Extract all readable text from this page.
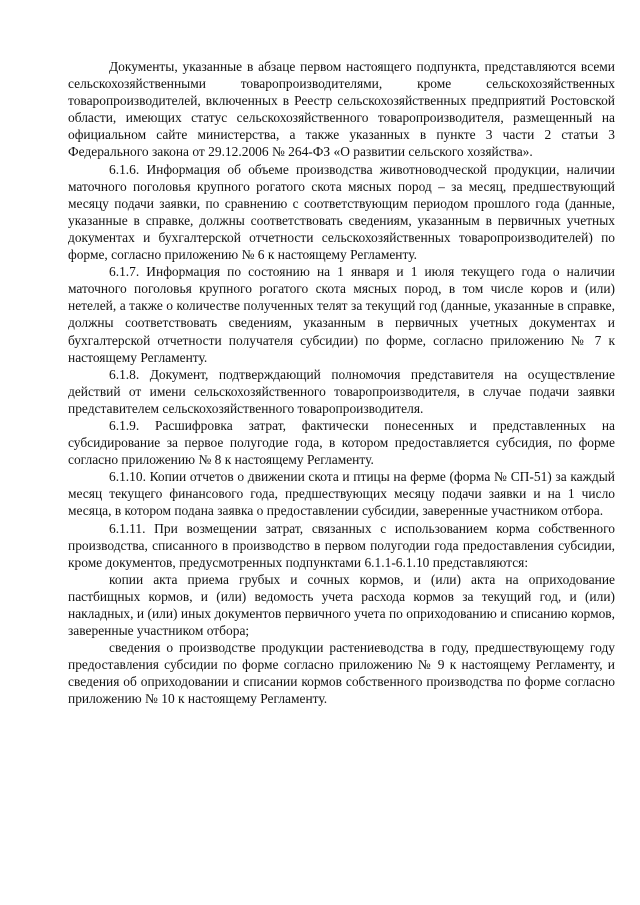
Документы, указанные в абзаце первом настоящего подпункта, представляются всеми сельскохозяйственными товаропроизводителями, кроме сельскохозяйственных товаропроизводителей, включенных в Реестр сельскохозяйственных предприятий Ростовской области, имеющих статус сельскохозяйственного товаропроизводителя, размещенный на официальном сайте министерства, а также указанных в пункте 3 части 2 статьи 3 Федерального закона от 29.12.2006 № 264-ФЗ «О развитии сельского хозяйства».

6.1.6. Информация об объеме производства животноводческой продукции, наличии маточного поголовья крупного рогатого скота мясных пород – за месяц, предшествующий месяцу подачи заявки, по сравнению с соответствующим периодом прошлого года (данные, указанные в справке, должны соответствовать сведениям, указанным в первичных учетных документах и бухгалтерской отчетности сельскохозяйственных товаропроизводителей) по форме, согласно приложению № 6 к настоящему Регламенту.

6.1.7. Информация по состоянию на 1 января и 1 июля текущего года о наличии маточного поголовья крупного рогатого скота мясных пород, в том числе коров и (или) нетелей, а также о количестве полученных телят за текущий год (данные, указанные в справке, должны соответствовать сведениям, указанным в первичных учетных документах и бухгалтерской отчетности получателя субсидии) по форме, согласно приложению № 7 к настоящему Регламенту.

6.1.8. Документ, подтверждающий полномочия представителя на осуществление действий от имени сельскохозяйственного товаропроизводителя, в случае подачи заявки представителем сельскохозяйственного товаропроизводителя.

6.1.9. Расшифровка затрат, фактически понесенных и представленных на субсидирование за первое полугодие года, в котором предоставляется субсидия, по форме согласно приложению № 8 к настоящему Регламенту.

6.1.10. Копии отчетов о движении скота и птицы на ферме (форма № СП-51) за каждый месяц текущего финансового года, предшествующих месяцу подачи заявки и на 1 число месяца, в котором подана заявка о предоставлении субсидии, заверенные участником отбора.

6.1.11. При возмещении затрат, связанных с использованием корма собственного производства, списанного в производство в первом полугодии года предоставления субсидии, кроме документов, предусмотренных подпунктами 6.1.1-6.1.10 представляются:

копии акта приема грубых и сочных кормов, и (или) акта на оприходование пастбищных кормов, и (или) ведомость учета расхода кормов за текущий год, и (или) накладных, и (или) иных документов первичного учета по оприходованию и списанию кормов, заверенные участником отбора;

сведения о производстве продукции растениеводства в году, предшествующему году предоставления субсидии по форме согласно приложению № 9 к настоящему Регламенту, и сведения об оприходовании и списании кормов собственного производства по форме согласно приложению № 10 к настоящему Регламенту.
